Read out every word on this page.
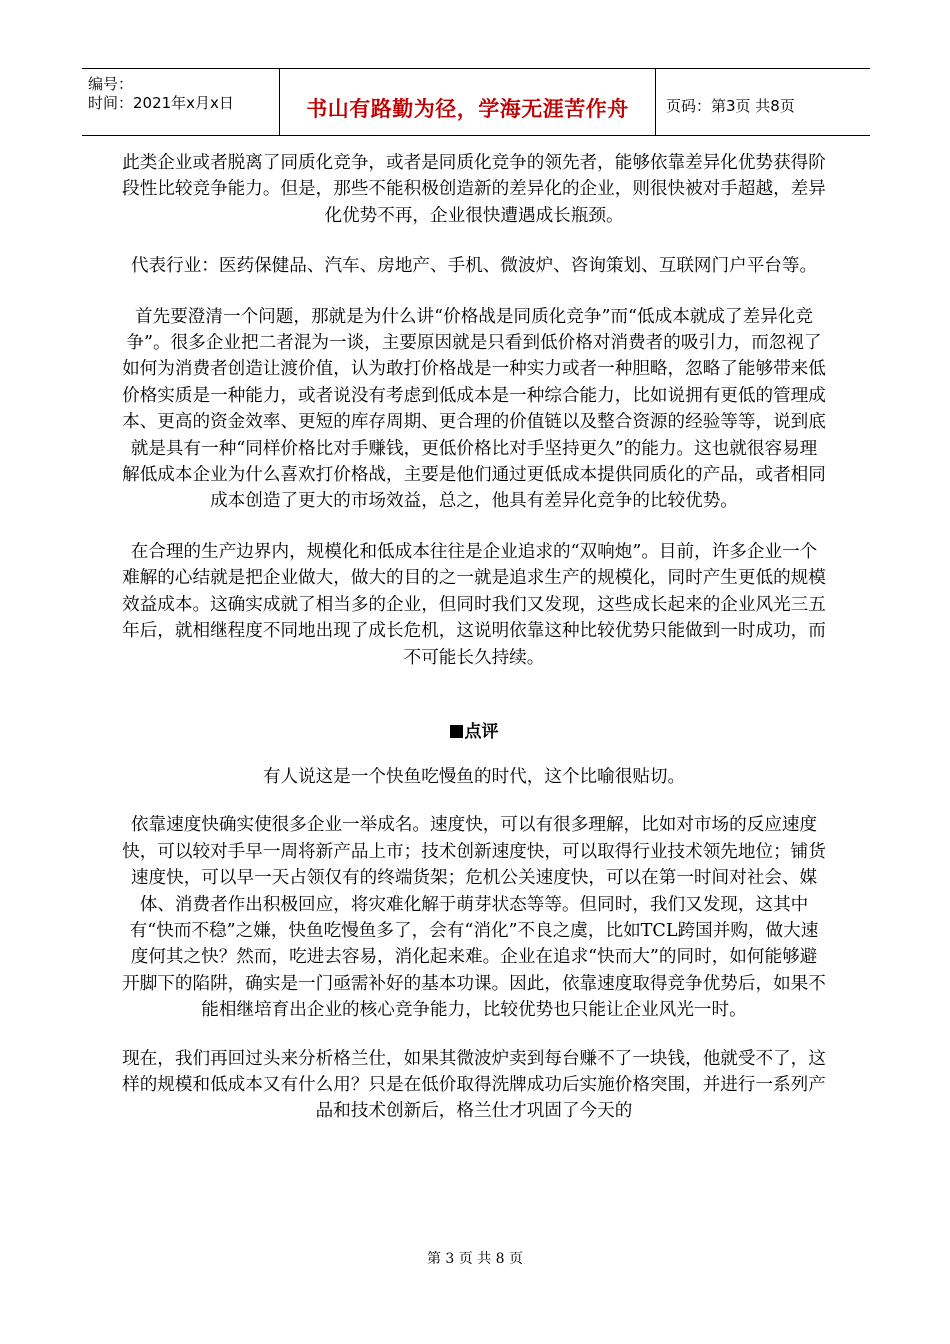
编号：
时间：2021年x月x日	书山有路勤为径，学海无涯苦作舟	页码：第3页 共8页

此类企业或者脱离了同质化竞争，或者是同质化竞争的领先者，能够依靠差异化优势获得阶段性比较竞争能力。但是，那些不能积极创造新的差异化的企业，则很快被对手超越，差异化优势不再，企业很快遭遇成长瓶颈。

代表行业：医药保健品、汽车、房地产、手机、微波炉、咨询策划、互联网门户平台等。

首先要澄清一个问题，那就是为什么讲“价格战是同质化竞争”而“低成本就成了差异化竞争”。很多企业把二者混为一谈，主要原因就是只看到低价格对消费者的吸引力，而忽视了如何为消费者创造让渡价值，认为敢打价格战是一种实力或者一种胆略，忽略了能够带来低价格实质是一种能力，或者说没有考虑到低成本是一种综合能力，比如说拥有更低的管理成本、更高的资金效率、更短的库存周期、更合理的价值链以及整合资源的经验等等，说到底就是具有一种“同样价格比对手赚钱，更低价格比对手坚持更久”的能力。这也就很容易理解低成本企业为什么喜欢打价格战，主要是他们通过更低成本提供同质化的产品，或者相同成本创造了更大的市场效益，总之，他具有差异化竞争的比较优势。

在合理的生产边界内，规模化和低成本往往是企业追求的“双响炮”。目前，许多企业一个难解的心结就是把企业做大，做大的目的之一就是追求生产的规模化，同时产生更低的规模效益成本。这确实成就了相当多的企业，但同时我们又发现，这些成长起来的企业风光三五年后，就相继程度不同地出现了成长危机，这说明依靠这种比较优势只能做到一时成功，而不可能长久持续。

点评

有人说这是一个快鱼吃慢鱼的时代，这个比喻很贴切。

依靠速度快确实使很多企业一举成名。速度快，可以有很多理解，比如对市场的反应速度快，可以较对手早一周将新产品上市；技术创新速度快，可以取得行业技术领先地位；铺货速度快，可以早一天占领仅有的终端货架；危机公关速度快，可以在第一时间对社会、媒体、消费者作出积极回应，将灾难化解于萌芽状态等等。但同时，我们又发现，这其中有“快而不稳”之嫌，快鱼吃慢鱼多了，会有“消化”不良之虞，比如TCL跨国并购，做大速度何其之快？然而，吃进去容易，消化起来难。企业在追求“快而大”的同时，如何能够避开脚下的陷阱，确实是一门亟需补好的基本功课。因此，依靠速度取得竞争优势后，如果不能相继培育出企业的核心竞争能力，比较优势也只能让企业风光一时。

现在，我们再回过头来分析格兰仕，如果其微波炉卖到每台赚不了一块钱，他就受不了，这样的规模和低成本又有什么用？只是在低价取得洗牌成功后实施价格突围，并进行一系列产品和技术创新后，格兰仕才巩固了今天的

第 3 页 共 8 页
